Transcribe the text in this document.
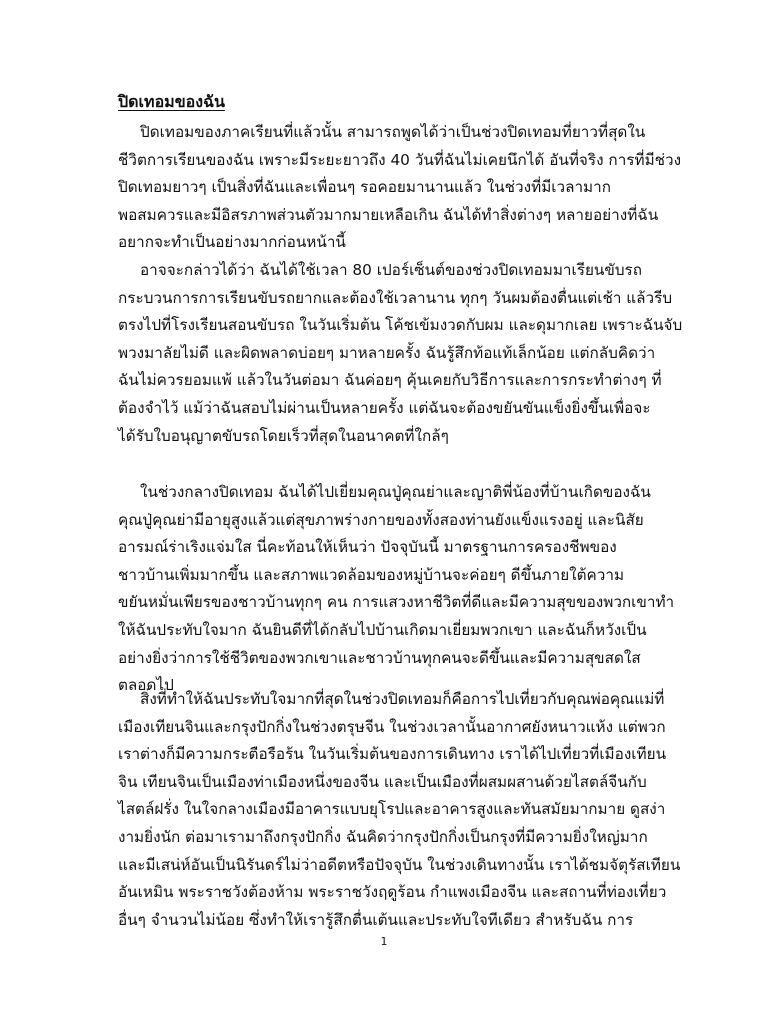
ปิดเทอมของฉัน
ปิดเทอมของภาคเรียนที่แล้วนั้น สามารถพูดได้ว่าเป็นช่วงปิดเทอมที่ยาวที่สุดใน
ชีวิตการเรียนของฉัน เพราะมีระยะยาวถึง 40 วันที่ฉันไม่เคยนึกได้ อันที่จริง การที่มีช่วง
ปิดเทอมยาวๆ เป็นสิ่งที่ฉันและเพื่อนๆ รอคอยมานานแล้ว ในช่วงที่มีเวลามาก
พอสมควรและมีอิสรภาพส่วนตัวมากมายเหลือเกิน ฉันได้ทำสิ่งต่างๆ หลายอย่างที่ฉัน
อยากจะทำเป็นอย่างมากก่อนหน้านี้
อาจจะกล่าวได้ว่า ฉันได้ใช้เวลา 80 เปอร์เซ็นต์ของช่วงปิดเทอมมาเรียนขับรถ
กระบวนการการเรียนขับรถยากและต้องใช้เวลานาน ทุกๆ วันผมต้องตื่นแต่เช้า แล้วรีบ
ตรงไปที่โรงเรียนสอนขับรถ ในวันเริ่มต้น โค้ชเข้มงวดกับผม และดุมากเลย เพราะฉันจับ
พวงมาลัยไม่ดี และผิดพลาดบ่อยๆ มาหลายครั้ง ฉันรู้สึกท้อแท้เล็กน้อย แต่กลับคิดว่า
ฉันไม่ควรยอมแพ้ แล้วในวันต่อมา ฉันค่อยๆ คุ้นเคยกับวิธีการและการกระทำต่างๆ ที่
ต้องจำไว้ แม้ว่าฉันสอบไม่ผ่านเป็นหลายครั้ง แต่ฉันจะต้องขยันขันแข็งยิ่งขึ้นเพื่อจะ
ได้รับใบอนุญาตขับรถโดยเร็วที่สุดในอนาคตที่ใกล้ๆ
ในช่วงกลางปิดเทอม ฉันได้ไปเยี่ยมคุณปู่คุณย่าและญาติพี่น้องที่บ้านเกิดของฉัน
คุณปู่คุณย่ามีอายุสูงแล้วแต่สุขภาพร่างกายของทั้งสองท่านยังแข็งแรงอยู่ และนิสัย
อารมณ์ร่าเริงแจ่มใส นี่คะท้อนให้เห็นว่า ปัจจุบันนี้ มาตรฐานการครองชีพของ
ชาวบ้านเพิ่มมากขึ้น และสภาพแวดล้อมของหมู่บ้านจะค่อยๆ ดีขึ้นภายใต้ความ
ขยันหมั่นเพียรของชาวบ้านทุกๆ คน การแสวงหาชีวิตที่ดีและมีความสุขของพวกเขาทำ
ให้ฉันประทับใจมาก ฉันยินดีที่ได้กลับไปบ้านเกิดมาเยี่ยมพวกเขา และฉันก็หวังเป็น
อย่างยิ่งว่าการใช้ชีวิตของพวกเขาและชาวบ้านทุกคนจะดีขึ้นและมีความสุขสดใส
ตลอดไป
สิ่งที่ทำให้ฉันประทับใจมากที่สุดในช่วงปิดเทอมก็คือการไปเที่ยวกับคุณพ่อคุณแม่ที่
เมืองเทียนจินและกรุงปักกิ่งในช่วงตรุษจีน ในช่วงเวลานั้นอากาศยังหนาวแห้ง แต่พวก
เราต่างก็มีความกระตือรือร้น ในวันเริ่มต้นของการเดินทาง เราได้ไปเที่ยวที่เมืองเทียน
จิน เทียนจินเป็นเมืองท่าเมืองหนึ่งของจีน และเป็นเมืองที่ผสมผสานด้วยไสตล์จีนกับ
ไสตล์ฝรั่ง ในใจกลางเมืองมีอาคารแบบยุโรปและอาคารสูงและทันสมัยมากมาย ดูสง่า
งามยิ่งนัก ต่อมาเรามาถึงกรุงปักกิ่ง ฉันคิดว่ากรุงปักกิ่งเป็นกรุงที่มีความยิ่งใหญ่มาก
และมีเสน่ห์อันเป็นนิรันดร์ไม่ว่าอดีตหรือปัจจุบัน ในช่วงเดินทางนั้น เราได้ชมจัตุรัสเทียน
อันเหมิน พระราชวังต้องห้าม พระราชวังฤดูร้อน กำแพงเมืองจีน และสถานที่ท่องเที่ยว
อื่นๆ จำนวนไม่น้อย ซึ่งทำให้เรารู้สึกตื่นเต้นและประทับใจทีเดียว สำหรับฉัน การ
1
